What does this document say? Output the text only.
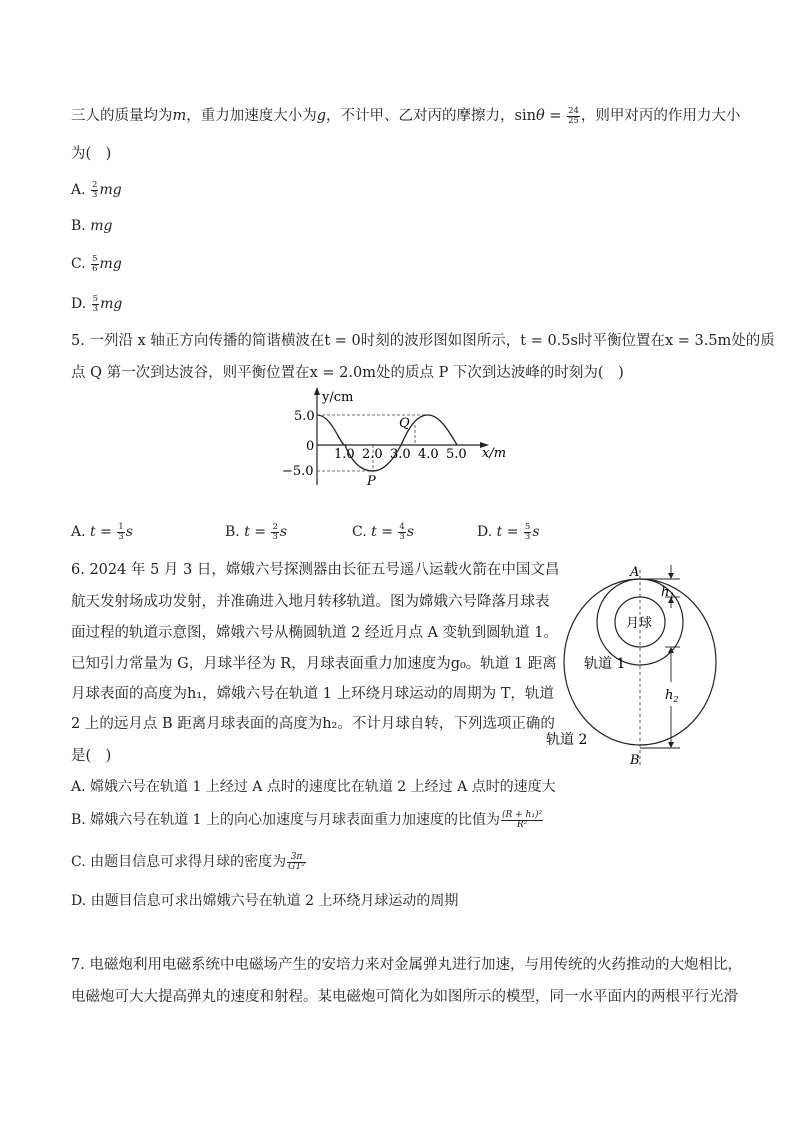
三人的质量均为m，重力加速度大小为g，不计甲、乙对丙的摩擦力，$\sin\theta = \frac{24}{25}$ ，则甲对丙的作用力大小
为(　)
A. $\frac{2}{3}$ mg
B. mg
C. $\frac{5}{6}$ mg
D. $\frac{5}{3}$ mg
5. 一列沿 x 轴正方向传播的简谐横波在t = 0时刻的波形图如图所示，t = 0.5s时平衡位置在x = 3.5m处的质
点 Q 第一次到达波谷，则平衡位置在x = 2.0m处的质点 P 下次到达波峰的时刻为(　)
y/cm
x/m
5.0
0
−5.0
1.0 2.0 3.0 4.0 5.0
Q
P
A. $t = \frac{1}{3}$ s	B. $t = \frac{2}{3}$ s	C. $t = \frac{4}{3}$ s	D. $t = \frac{5}{3}$ s
6. 2024 年 5 月 3 日，嫦娥六号探测器由长征五号遥八运载火箭在中国文昌
航天发射场成功发射，并准确进入地月转移轨道。图为嫦娥六号降落月球表
面过程的轨道示意图，嫦娥六号从椭圆轨道 2 经近月点 A 变轨到圆轨道 1。
已知引力常量为 G，月球半径为 R，月球表面重力加速度为g₀。轨道 1 距离
月球表面的高度为h₁，嫦娥六号在轨道 1 上环绕月球运动的周期为 T，轨道
2 上的远月点 B 距离月球表面的高度为h₂。不计月球自转，下列选项正确的
是(　)
月球
A
B
$h_1$
$h_2$
轨道 1
轨道 2
A. 嫦娥六号在轨道 1 上经过 A 点时的速度比在轨道 2 上经过 A 点时的速度大
B. 嫦娥六号在轨道 1 上的向心加速度与月球表面重力加速度的比值为 $\frac{\text{(R + h₁)²}}{\text{R²}}$
C. 由题目信息可求得月球的密度为 $\frac{3\pi}{\text{GT²}}$
D. 由题目信息可求出嫦娥六号在轨道 2 上环绕月球运动的周期
7. 电磁炮利用电磁系统中电磁场产生的安培力来对金属弹丸进行加速，与用传统的火药推动的大炮相比，
电磁炮可大大提高弹丸的速度和射程。某电磁炮可简化为如图所示的模型，同一水平面内的两根平行光滑
